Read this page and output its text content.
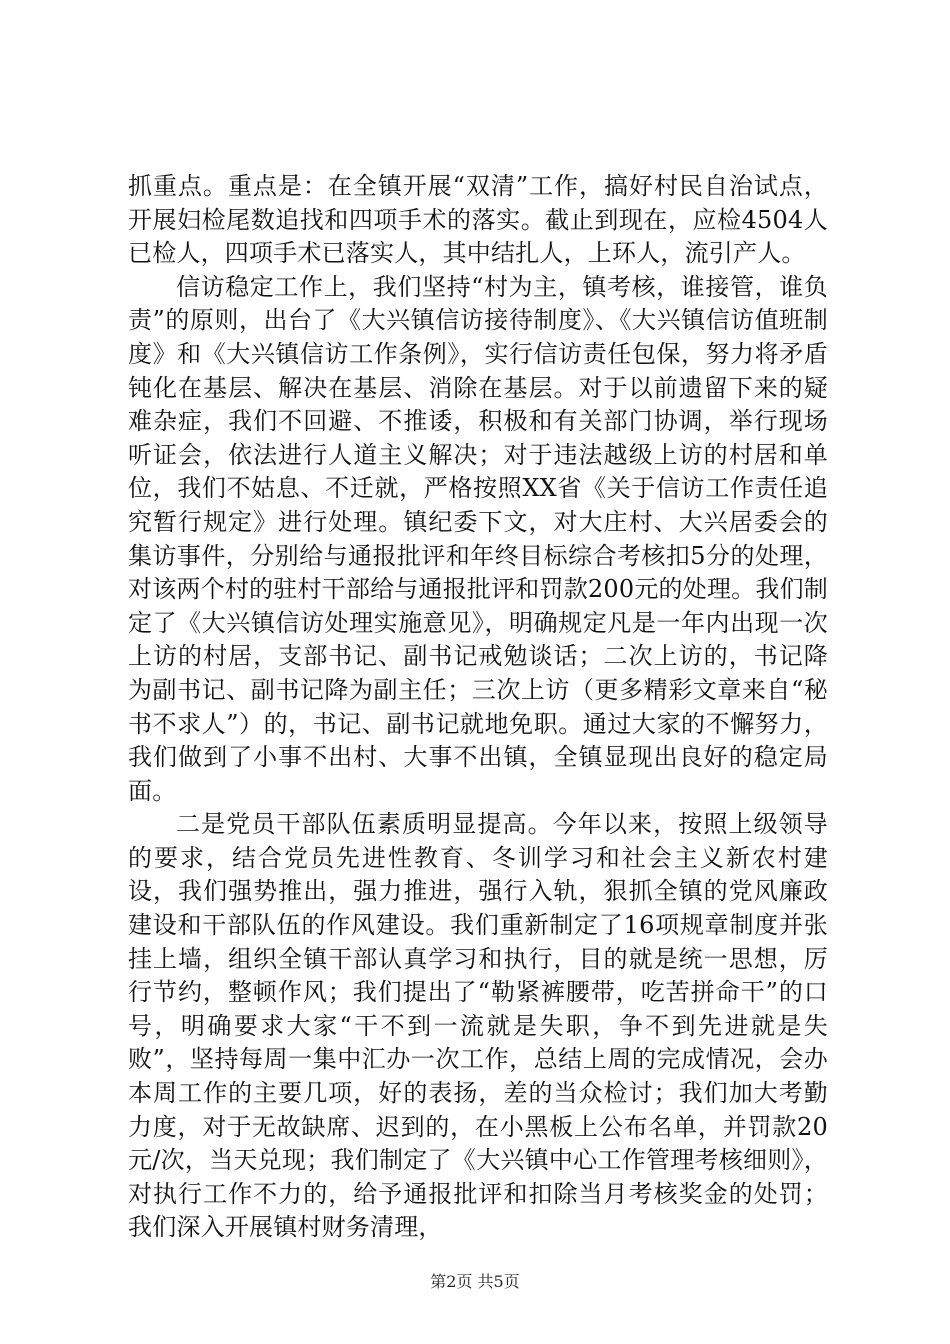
抓重点。重点是：在全镇开展“双清”工作，搞好村民自治试点，开展妇检尾数追找和四项手术的落实。截止到现在，应检4504人已检人，四项手术已落实人，其中结扎人，上环人，流引产人。

信访稳定工作上，我们坚持“村为主，镇考核，谁接管，谁负责”的原则，出台了《大兴镇信访接待制度》、《大兴镇信访值班制度》和《大兴镇信访工作条例》，实行信访责任包保，努力将矛盾钝化在基层、解决在基层、消除在基层。对于以前遗留下来的疑难杂症，我们不回避、不推诿，积极和有关部门协调，举行现场听证会，依法进行人道主义解决；对于违法越级上访的村居和单位，我们不姑息、不迁就，严格按照XX省《关于信访工作责任追究暂行规定》进行处理。镇纪委下文，对大庄村、大兴居委会的集访事件，分别给与通报批评和年终目标综合考核扣5分的处理，对该两个村的驻村干部给与通报批评和罚款200元的处理。我们制定了《大兴镇信访处理实施意见》，明确规定凡是一年内出现一次上访的村居，支部书记、副书记戒勉谈话；二次上访的，书记降为副书记、副书记降为副主任；三次上访（更多精彩文章来自“秘书不求人”）的，书记、副书记就地免职。通过大家的不懈努力，我们做到了小事不出村、大事不出镇，全镇显现出良好的稳定局面。

二是党员干部队伍素质明显提高。今年以来，按照上级领导的要求，结合党员先进性教育、冬训学习和社会主义新农村建设，我们强势推出，强力推进，强行入轨，狠抓全镇的党风廉政建设和干部队伍的作风建设。我们重新制定了16项规章制度并张挂上墙，组织全镇干部认真学习和执行，目的就是统一思想，厉行节约，整顿作风；我们提出了“勒紧裤腰带，吃苦拼命干”的口号，明确要求大家“干不到一流就是失职，争不到先进就是失败”，坚持每周一集中汇办一次工作，总结上周的完成情况，会办本周工作的主要几项，好的表扬，差的当众检讨；我们加大考勤力度，对于无故缺席、迟到的，在小黑板上公布名单，并罚款20元/次，当天兑现；我们制定了《大兴镇中心工作管理考核细则》，对执行工作不力的，给予通报批评和扣除当月考核奖金的处罚；我们深入开展镇村财务清理，

第2页 共5页
